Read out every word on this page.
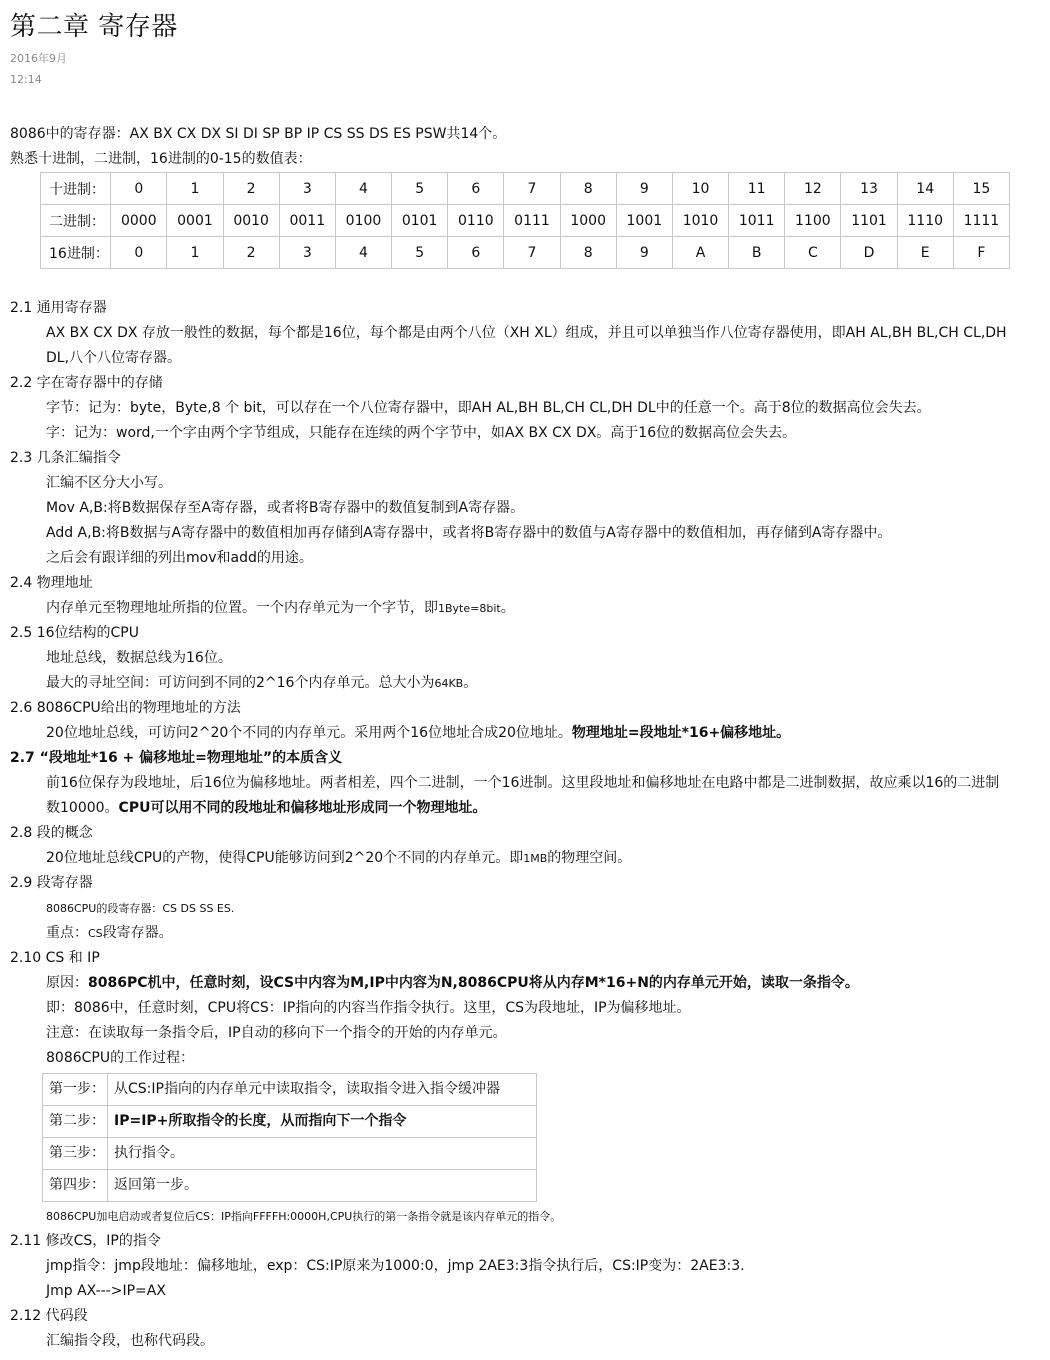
第二章 寄存器
2016年9月
12:14
8086中的寄存器：AX BX CX DX SI DI SP BP IP CS SS DS ES PSW共14个。
熟悉十进制，二进制，16进制的0-15的数值表：
十进制：	0	1	2	3	4	5	6	7	8	9	10	11	12	13	14	15
二进制：	0000	0001	0010	0011	0100	0101	0110	0111	1000	1001	1010	1011	1100	1101	1110	1111
16进制：	0	1	2	3	4	5	6	7	8	9	A	B	C	D	E	F
2.1 通用寄存器
AX BX CX DX 存放一般性的数据，每个都是16位，每个都是由两个八位（XH XL）组成，并且可以单独当作八位寄存器使用，即AH AL,BH BL,CH CL,DH
DL,八个八位寄存器。
2.2 字在寄存器中的存储
字节：记为：byte，Byte,8 个 bit，可以存在一个八位寄存器中，即AH AL,BH BL,CH CL,DH DL中的任意一个。高于8位的数据高位会失去。
字：记为：word,一个字由两个字节组成，只能存在连续的两个字节中，如AX BX CX DX。高于16位的数据高位会失去。
2.3 几条汇编指令
汇编不区分大小写。
Mov A,B:将B数据保存至A寄存器，或者将B寄存器中的数值复制到A寄存器。
Add A,B:将B数据与A寄存器中的数值相加再存储到A寄存器中，或者将B寄存器中的数值与A寄存器中的数值相加，再存储到A寄存器中。
之后会有跟详细的列出mov和add的用途。
2.4 物理地址
内存单元至物理地址所指的位置。一个内存单元为一个字节，即1Byte=8bit。
2.5 16位结构的CPU
地址总线，数据总线为16位。
最大的寻址空间：可访问到不同的2^16个内存单元。总大小为64KB。
2.6 8086CPU给出的物理地址的方法
20位地址总线，可访问2^20个不同的内存单元。采用两个16位地址合成20位地址。物理地址=段地址*16+偏移地址。
2.7 “段地址*16 + 偏移地址=物理地址”的本质含义
前16位保存为段地址，后16位为偏移地址。两者相差，四个二进制，一个16进制。这里段地址和偏移地址在电路中都是二进制数据，故应乘以16的二进制
数10000。CPU可以用不同的段地址和偏移地址形成同一个物理地址。
2.8 段的概念
20位地址总线CPU的产物，使得CPU能够访问到2^20个不同的内存单元。即1MB的物理空间。
2.9 段寄存器
8086CPU的段寄存器：CS DS SS ES.
重点：CS段寄存器。
2.10 CS 和 IP
原因：8086PC机中，任意时刻，设CS中内容为M,IP中内容为N,8086CPU将从内存M*16+N的内存单元开始，读取一条指令。
即：8086中，任意时刻，CPU将CS：IP指向的内容当作指令执行。这里，CS为段地址，IP为偏移地址。
注意：在读取每一条指令后，IP自动的移向下一个指令的开始的内存单元。
8086CPU的工作过程：
第一步：	从CS:IP指向的内存单元中读取指令，读取指令进入指令缓冲器
第二步：	IP=IP+所取指令的长度，从而指向下一个指令
第三步：	执行指令。
第四步：	返回第一步。
8086CPU加电启动或者复位后CS：IP指向FFFFH:0000H,CPU执行的第一条指令就是该内存单元的指令。
2.11 修改CS，IP的指令
jmp指令：jmp段地址：偏移地址，exp：CS:IP原来为1000:0，jmp 2AE3:3指令执行后，CS:IP变为：2AE3:3.
Jmp AX--->IP=AX
2.12 代码段
汇编指令段，也称代码段。
